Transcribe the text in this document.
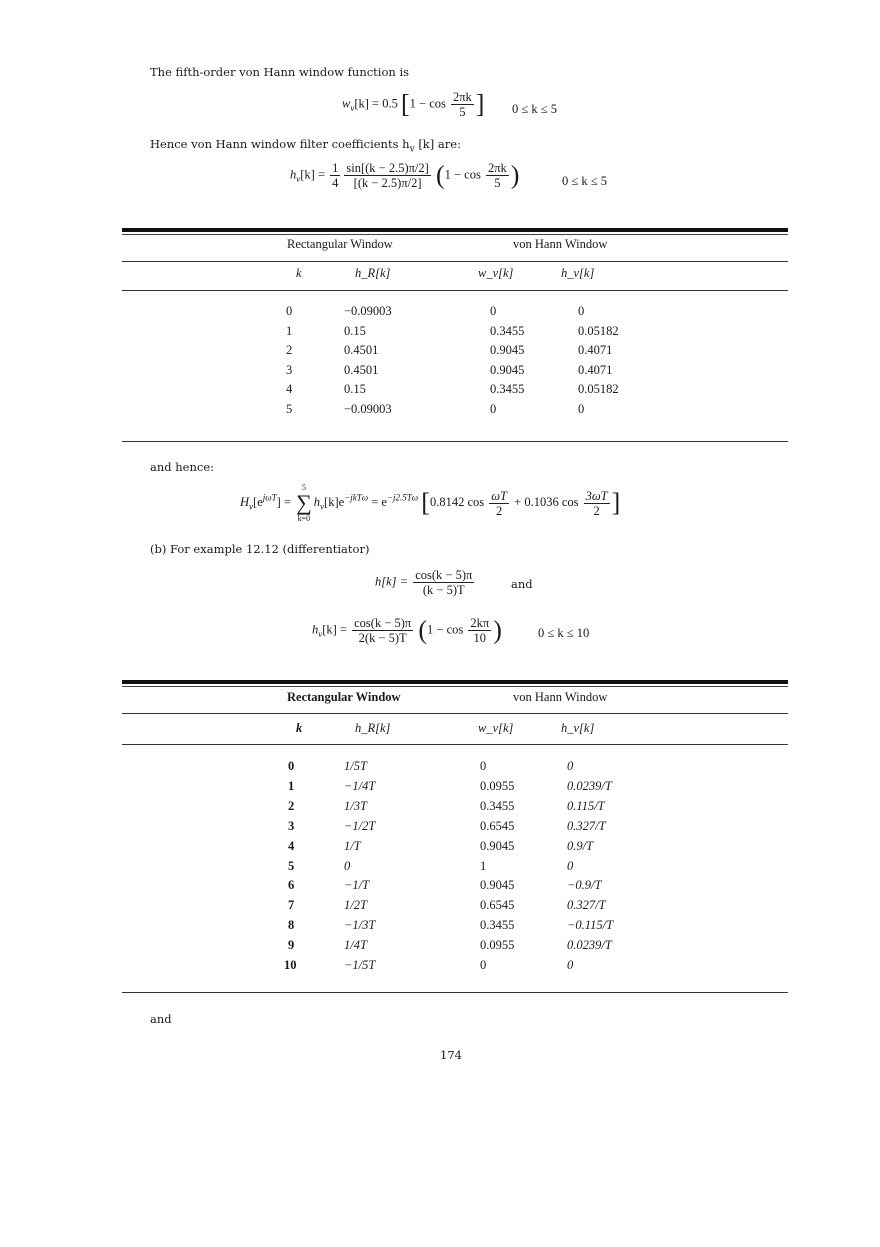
The fifth-order von Hann window function is
$w_v[k] = 0.5$ [$1 - \cos \frac{2\pi k}{5}$ ] 0 ≤ k ≤ 5
Hence von Hann window filter coefficients $h_v$ [k] are:
$h_v[k] = \frac{1}{4} \frac{\sin[(k - 2.5)\pi/2]}{[(k - 2.5)\pi/2]} (1 - \cos \frac{2\pi k}{5}$ )	0 ≤ k ≤ 5
Rectangular Window	von Hann Window
k	h_R[k]	w_v[k]	h_v[k]
0	−0.09003	0	0
1	0.15	0.3455	0.05182
2	0.4501	0.9045	0.4071
3	0.4501	0.9045	0.4071
4	0.15	0.3455	0.05182
5	−0.09003	0	0
and hence:
$H_v[e^{j\omega T}]$ =
5
∑
k=0
$h_v[k]e^{-jkT\omega} = e^{-j2.5T\omega}$ [0.8142 $\cos \frac{\omega T}{2} + 0.1036$ $\cos \frac{3\omega T}{2}$ ]
(b) For example 12.12 (differentiator)
$h[k] = \frac{\cos(k - 5)\pi}{(k - 5)T}$	and
$h_v[k] = \frac{\cos(k - 5)\pi}{2(k - 5)T} (1 - \cos \frac{2k\pi}{10}$ )	0 ≤ k ≤ 10
Rectangular Window	von Hann Window
k	h_R[k]	w_v[k]	h_v[k]
0	1/5T	0	0
1	−1/4T	0.0955	0.0239/T
2	1/3T	0.3455	0.115/T
3	−1/2T	0.6545	0.327/T
4	1/T	0.9045	0.9/T
5	0	1	0
6	−1/T	0.9045	−0.9/T
7	1/2T	0.6545	0.327/T
8	−1/3T	0.3455	−0.115/T
9	1/4T	0.0955	0.0239/T
10	−1/5T	0	0
and
174
